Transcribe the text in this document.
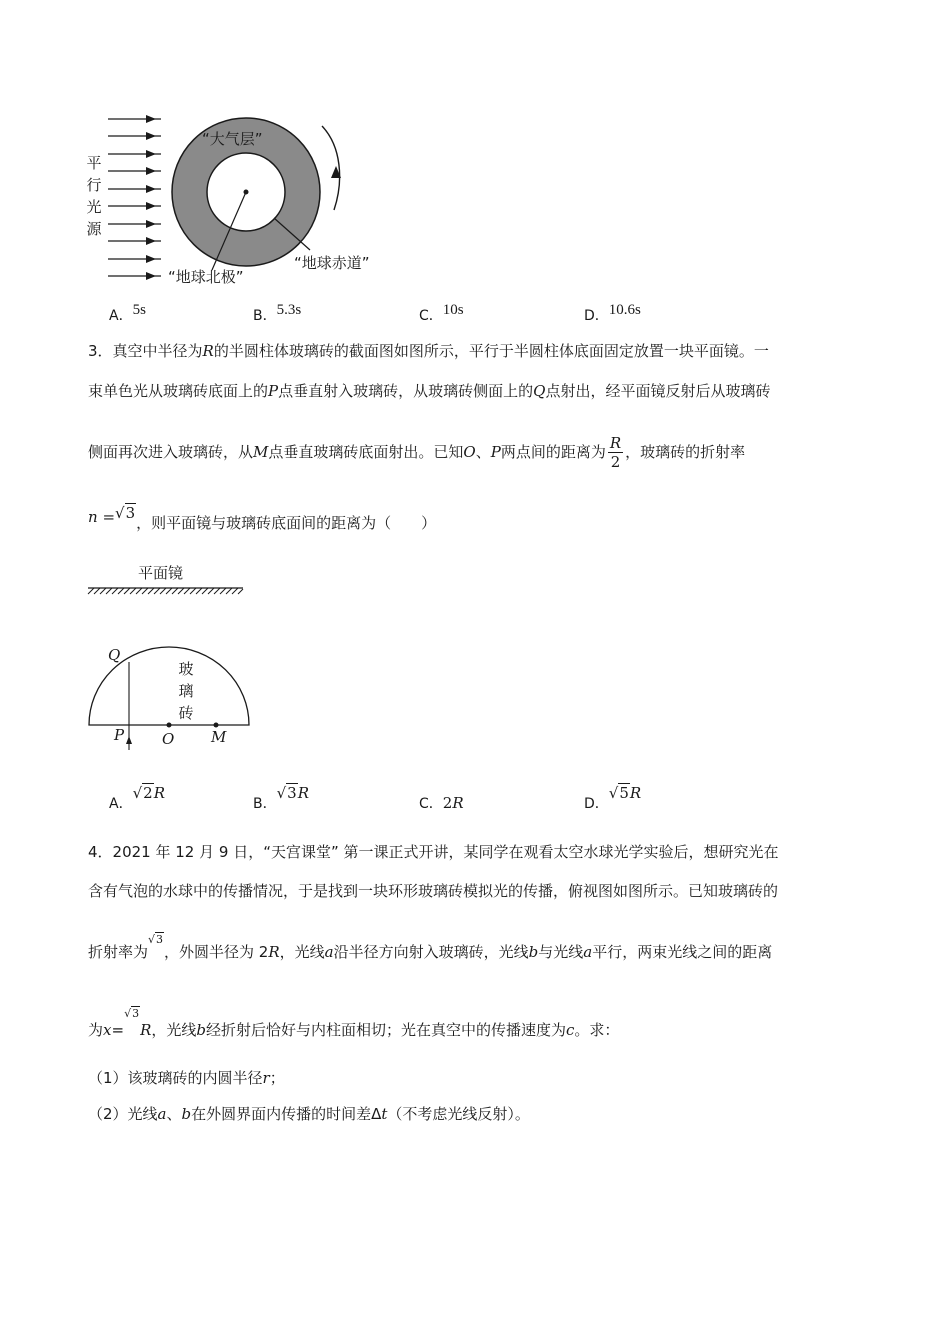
“大气层”
“地球北极”
“地球赤道”
平
行
光
源
A．5s	B．5.3s	C．10s	D．10.6s
3．真空中半径为R的半圆柱体玻璃砖的截面图如图所示，平行于半圆柱体底面固定放置一块平面镜。一
束单色光从玻璃砖底面上的P点垂直射入玻璃砖，从玻璃砖侧面上的Q点射出，经平面镜反射后从玻璃砖
侧面再次进入玻璃砖，从M点垂直玻璃砖底面射出。已知O、P两点间的距离为 $\frac{R}{2}$ ，玻璃砖的折射率
n =√3，则平面镜与玻璃砖底面间的距离为（　　）
平面镜
玻
璃
砖
Q
P	O M
A．√2R
B．√3R
C．2R	D．√5R
4．2021 年 12 月 9 日，“天宫课堂” 第一课正式开讲，某同学在观看太空水球光学实验后，想研究光在
含有气泡的水球中的传播情况，于是找到一块环形玻璃砖模拟光的传播，俯视图如图所示。已知玻璃砖的
折射率为√3，外圆半径为 2R，光线a沿半径方向射入玻璃砖，光线b与光线a平行，两束光线之间的距离
为x=√3R，光线b经折射后恰好与内柱面相切；光在真空中的传播速度为c。求：
（1）该玻璃砖的内圆半径r；
（2）光线a、b在外圆界面内传播的时间差Δt（不考虑光线反射）。
